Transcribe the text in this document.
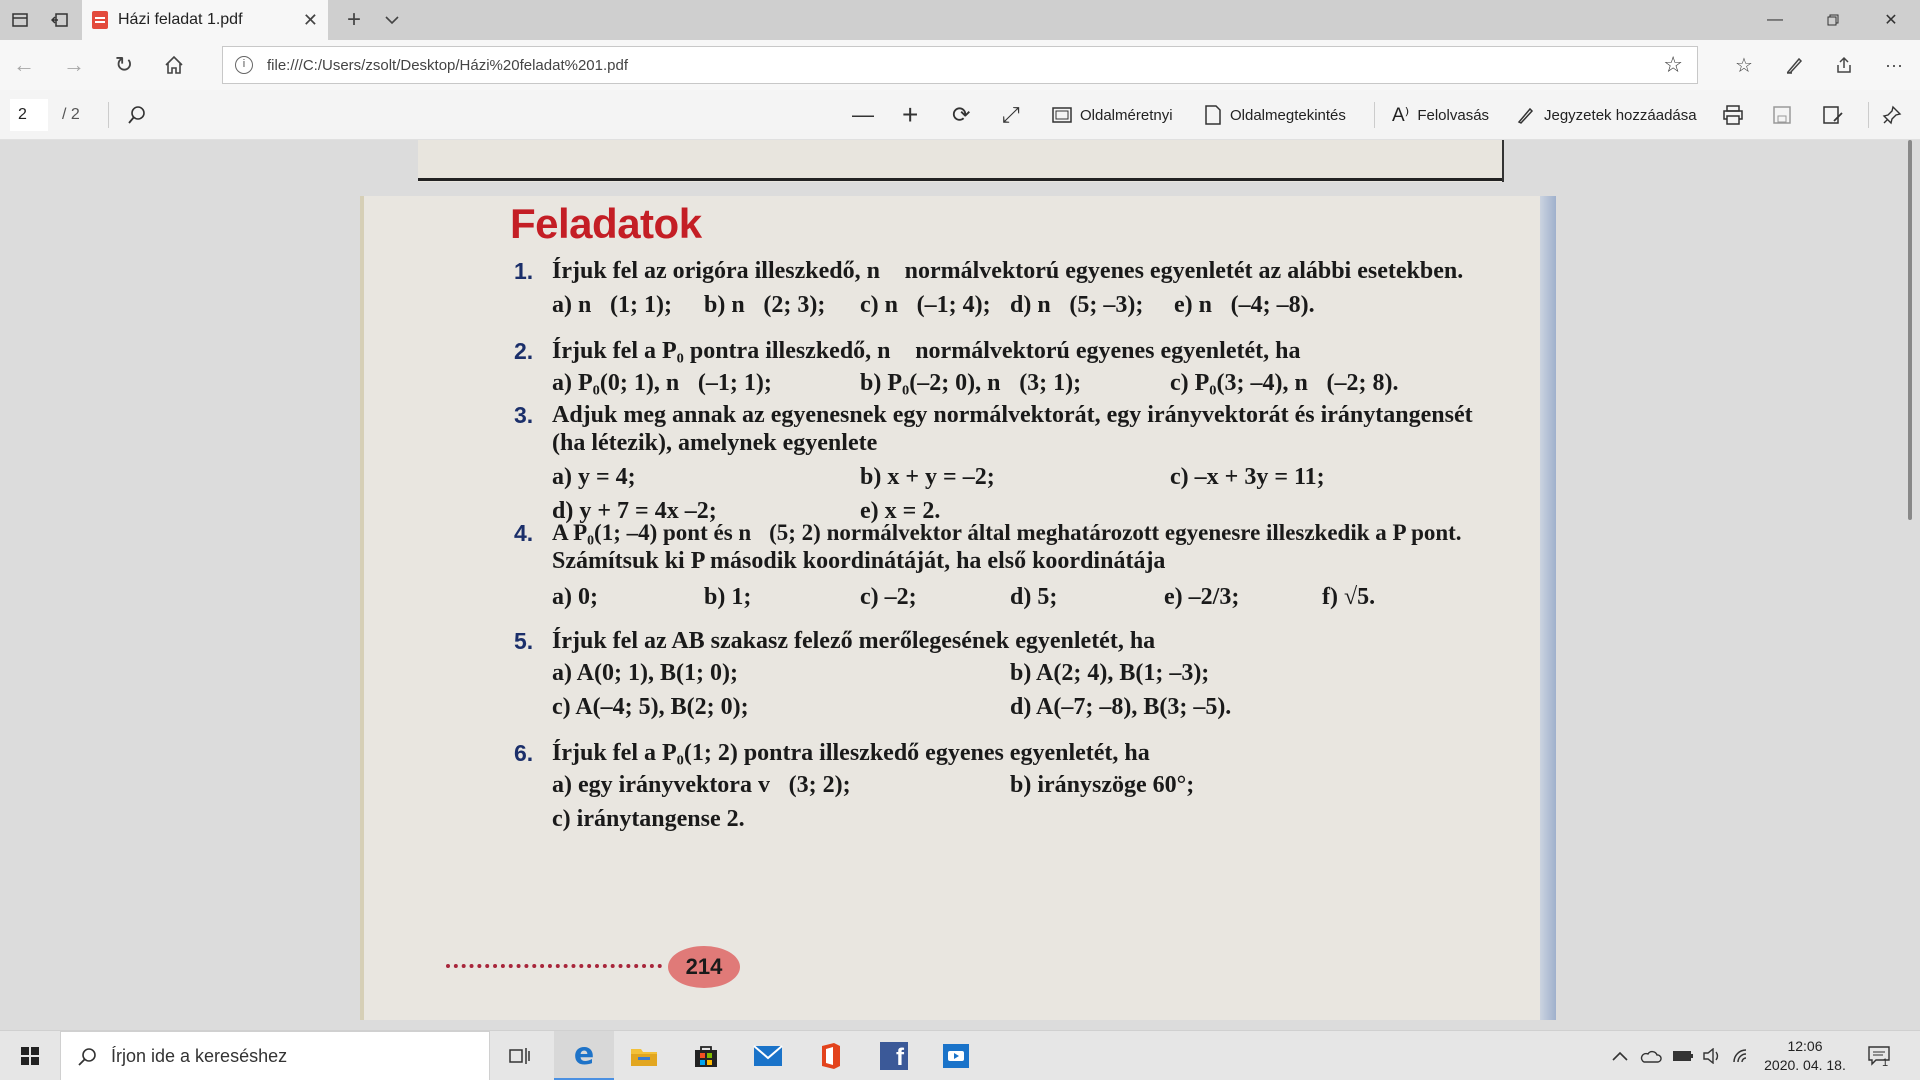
Házi feladat 1.pdf	✕	+	—	✕
←	→	↻	i	file:///C:/Users/zsolt/Desktop/Házi%20feladat%201.pdf	☆	☆	···
2	/ 2	— + ⟳ ⤢	Oldalméretnyi	Oldalmegtekintés A⁾ Felolvasás	Jegyzetek hozzáadása
Feladatok
1. Írjuk fel az origóra illeszkedő, n⃗ normálvektorú egyenes egyenletét az alábbi esetekben.
a) n⃗(1; 1); b) n⃗(2; 3); c) n⃗(–1; 4); d) n⃗(5; –3); e) n⃗(–4; –8).
2. Írjuk fel a P₀ pontra illeszkedő, n⃗ normálvektorú egyenes egyenletét, ha
a) P₀(0; 1), n⃗(–1; 1);	b) P₀(–2; 0), n⃗(3; 1);	c) P₀(3; –4), n⃗(–2; 8).
3. Adjuk meg annak az egyenesnek egy normálvektorát, egy irányvektorát és iránytangensét
(ha létezik), amelynek egyenlete
a) y = 4;	b) x + y = –2;	c) –x + 3y = 11;
d) y + 7 = 4x –2;	e) x = 2.
4. A P₀(1; –4) pont és n⃗(5; 2) normálvektor által meghatározott egyenesre illeszkedik a P pont.
Számítsuk ki P második koordinátáját, ha első koordinátája
a) 0;	b) 1;	c) –2;	d) 5;	e) –2/3;	f) √5.
5. Írjuk fel az AB szakasz felező merőlegesének egyenletét, ha
a) A(0; 1), B(1; 0);	b) A(2; 4), B(1; –3);
c) A(–4; 5), B(2; 0);	d) A(–7; –8), B(3; –5).
6. Írjuk fel a P₀(1; 2) pontra illeszkedő egyenes egyenletét, ha
a) egy irányvektora v⃗(3; 2);	b) irányszöge 60°;
c) iránytangense 2.
214
Írjon ide a kereséshez	e	f	12:06
2020. 04. 18.	1
